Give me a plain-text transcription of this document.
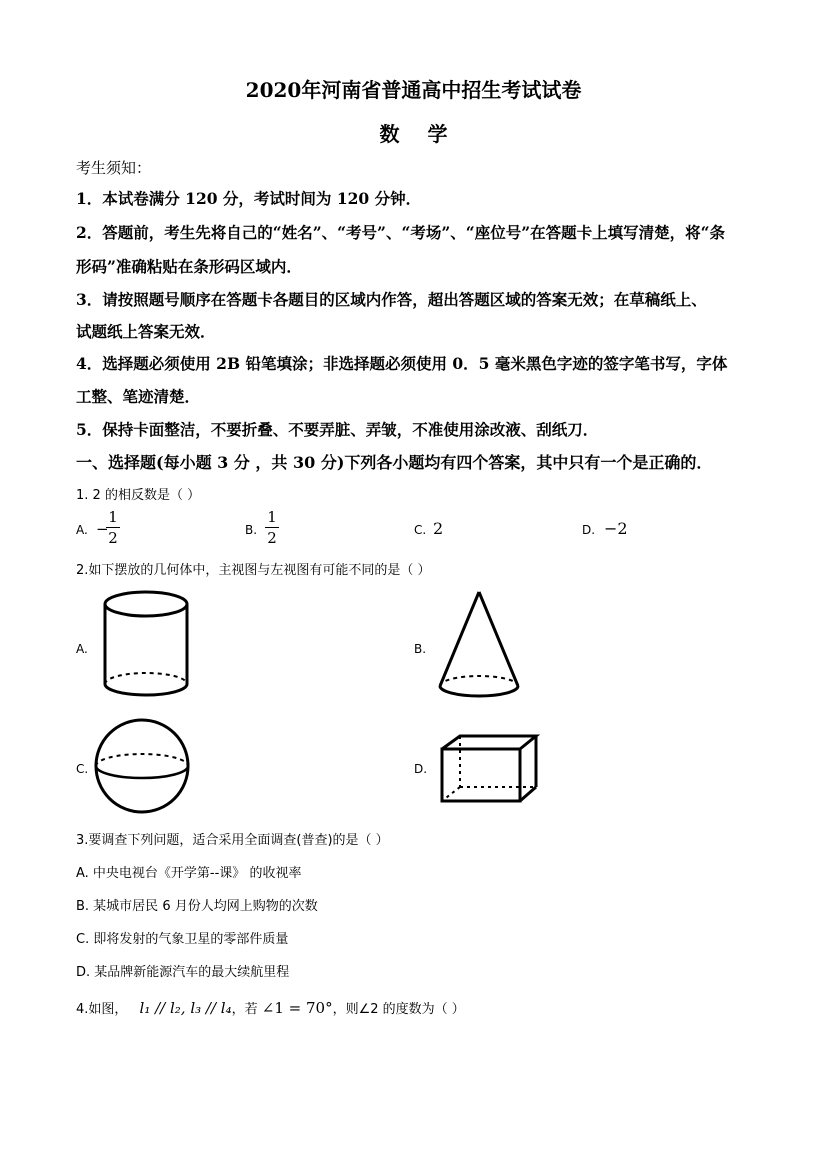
2020年河南省普通高中招生考试试卷
数学
考生须知：
1．本试卷满分 120 分，考试时间为 120 分钟．
2．答题前，考生先将自己的“姓名”、“考号”、“考场”、“座位号”在答题卡上填写清楚，将“条
形码”准确粘贴在条形码区域内．
3．请按照题号顺序在答题卡各题目的区域内作答，超出答题区域的答案无效；在草稿纸上、
试题纸上答案无效．
4．选择题必须使用 2B 铅笔填涂；非选择题必须使用 0．5 毫米黑色字迹的签字笔书写，字体
工整、笔迹清楚．
5．保持卡面整洁，不要折叠、不要弄脏、弄皱，不准使用涂改液、刮纸刀．
一、选择题(每小题 3 分 ，共 30 分)下列各小题均有四个答案，其中只有一个是正确的．
1. 2 的相反数是（ ）
A. −
1
2	B.
1
2	C. 2	D. −2
2.如下摆放的几何体中，主视图与左视图有可能不同的是（ ）
A.	B.
C.	D.
3.要调查下列问题，适合采用全面调查(普查)的是（ ）
A. 中央电视台《开学第--课》 的收视率
B. 某城市居民 6 月份人均网上购物的次数
C. 即将发射的气象卫星的零部件质量
D. 某品牌新能源汽车的最大续航里程
4.如图， l₁ // l₂, l₃ // l₄，若 ∠1 = 70°，则∠2 的度数为（ ）
